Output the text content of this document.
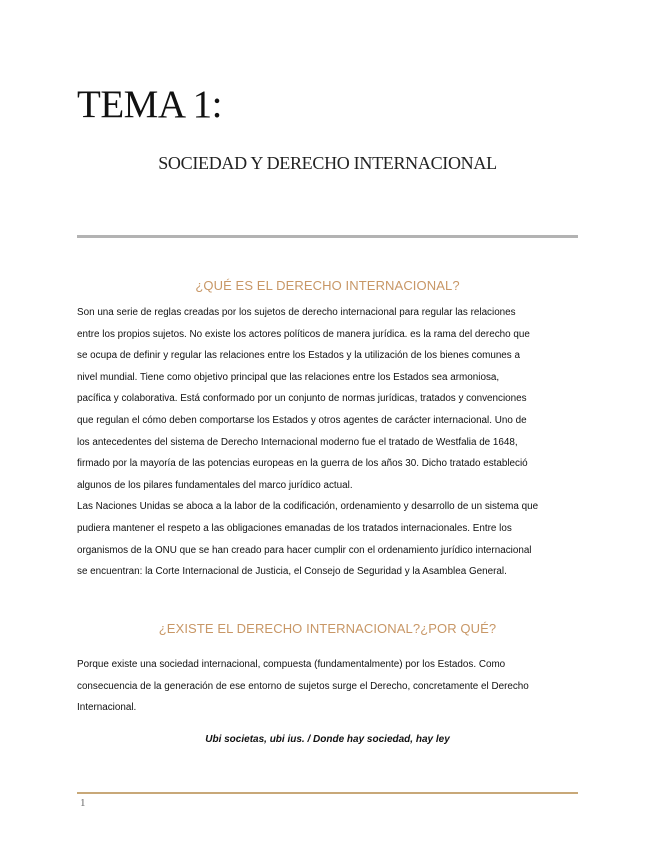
TEMA 1:
SOCIEDAD Y DERECHO INTERNACIONAL
¿QUÉ ES EL DERECHO INTERNACIONAL?
Son una serie de reglas creadas por los sujetos de derecho internacional para regular las relaciones
entre los propios sujetos. No existe los actores políticos de manera jurídica. es la rama del derecho que
se ocupa de definir y regular las relaciones entre los Estados y la utilización de los bienes comunes a
nivel mundial. Tiene como objetivo principal que las relaciones entre los Estados sea armoniosa,
pacífica y colaborativa. Está conformado por un conjunto de normas jurídicas, tratados y convenciones
que regulan el cómo deben comportarse los Estados y otros agentes de carácter internacional. Uno de
los antecedentes del sistema de Derecho Internacional moderno fue el tratado de Westfalia de 1648,
firmado por la mayoría de las potencias europeas en la guerra de los años 30. Dicho tratado estableció
algunos de los pilares fundamentales del marco jurídico actual.
Las Naciones Unidas se aboca a la labor de la codificación, ordenamiento y desarrollo de un sistema que
pudiera mantener el respeto a las obligaciones emanadas de los tratados internacionales. Entre los
organismos de la ONU que se han creado para hacer cumplir con el ordenamiento jurídico internacional
se encuentran: la Corte Internacional de Justicia, el Consejo de Seguridad y la Asamblea General.
¿EXISTE EL DERECHO INTERNACIONAL?¿POR QUÉ?
Porque existe una sociedad internacional, compuesta (fundamentalmente) por los Estados. Como
consecuencia de la generación de ese entorno de sujetos surge el Derecho, concretamente el Derecho
Internacional.
Ubi societas, ubi ius. / Donde hay sociedad, hay ley
1
